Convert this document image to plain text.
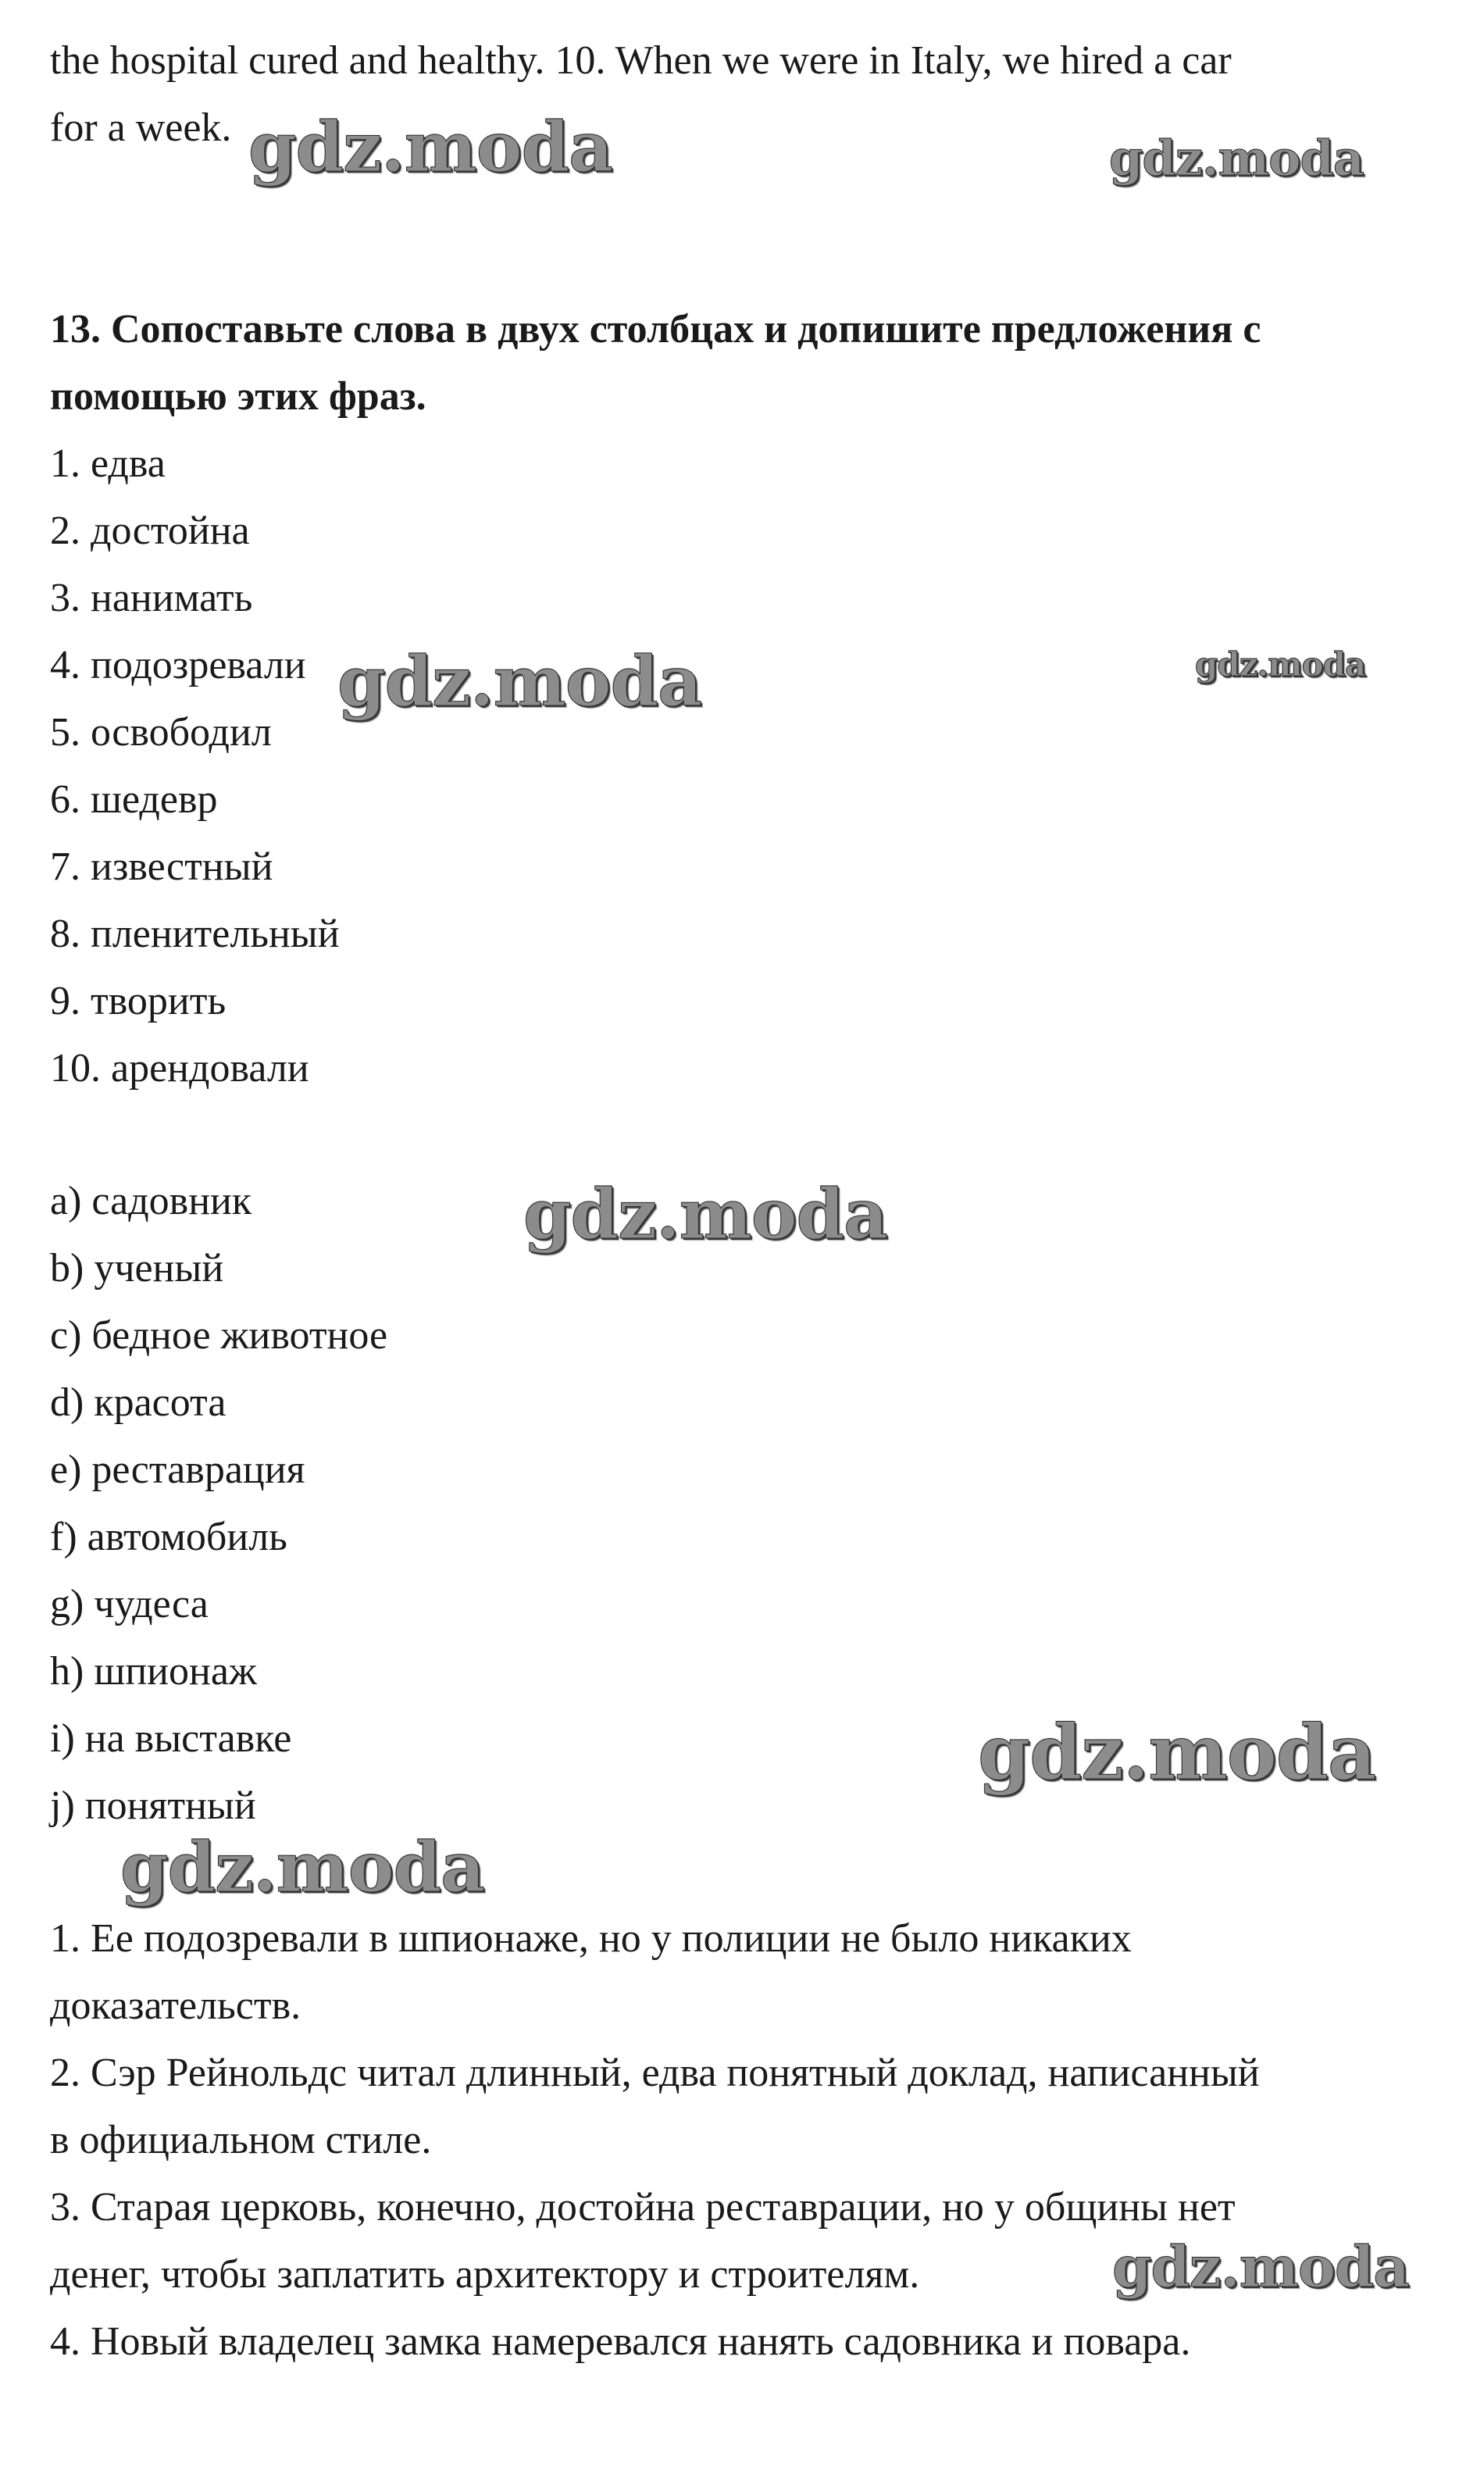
the hospital cured and healthy. 10. When we were in Italy, we hired a car
for a week.
13. Сопоставьте слова в двух столбцах и допишите предложения с
помощью этих фраз.
1. едва
2. достойна
3. нанимать
4. подозревали
5. освободил
6. шедевр
7. известный
8. пленительный
9. творить
10. арендовали
a) садовник
b) ученый
c) бедное животное
d) красота
e) реставрация
f) автомобиль
g) чудеса
h) шпионаж
i) на выставке
j) понятный
1. Ее подозревали в шпионаже, но у полиции не было никаких
доказательств.
2. Сэр Рейнольдс читал длинный, едва понятный доклад, написанный
в официальном стиле.
3. Старая церковь, конечно, достойна реставрации, но у общины нет
денег, чтобы заплатить архитектору и строителям.
4. Новый владелец замка намеревался нанять садовника и повара.
gdz.moda	gdz.moda
gdz.moda	gdz.moda
gdz.moda
gdz.moda
gdz.moda
gdz.moda
